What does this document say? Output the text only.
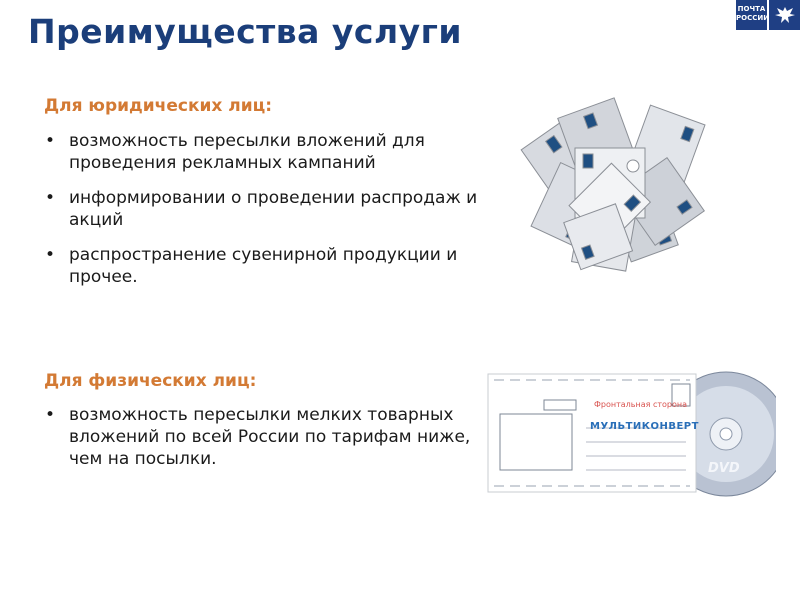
Преимущества услуги
ПОЧТА
РОССИИ
Для юридических лиц:
• возможность пересылки вложений для проведения рекламных кампаний
• информировании о проведении распродаж и акций
• распространение сувенирной продукции и прочее.
Для физических лиц:
• возможность пересылки мелких товарных вложений по всей России по тарифам ниже, чем на посылки.
Фронтальная сторона
МУЛЬТИКОНВЕРТ
DVD
